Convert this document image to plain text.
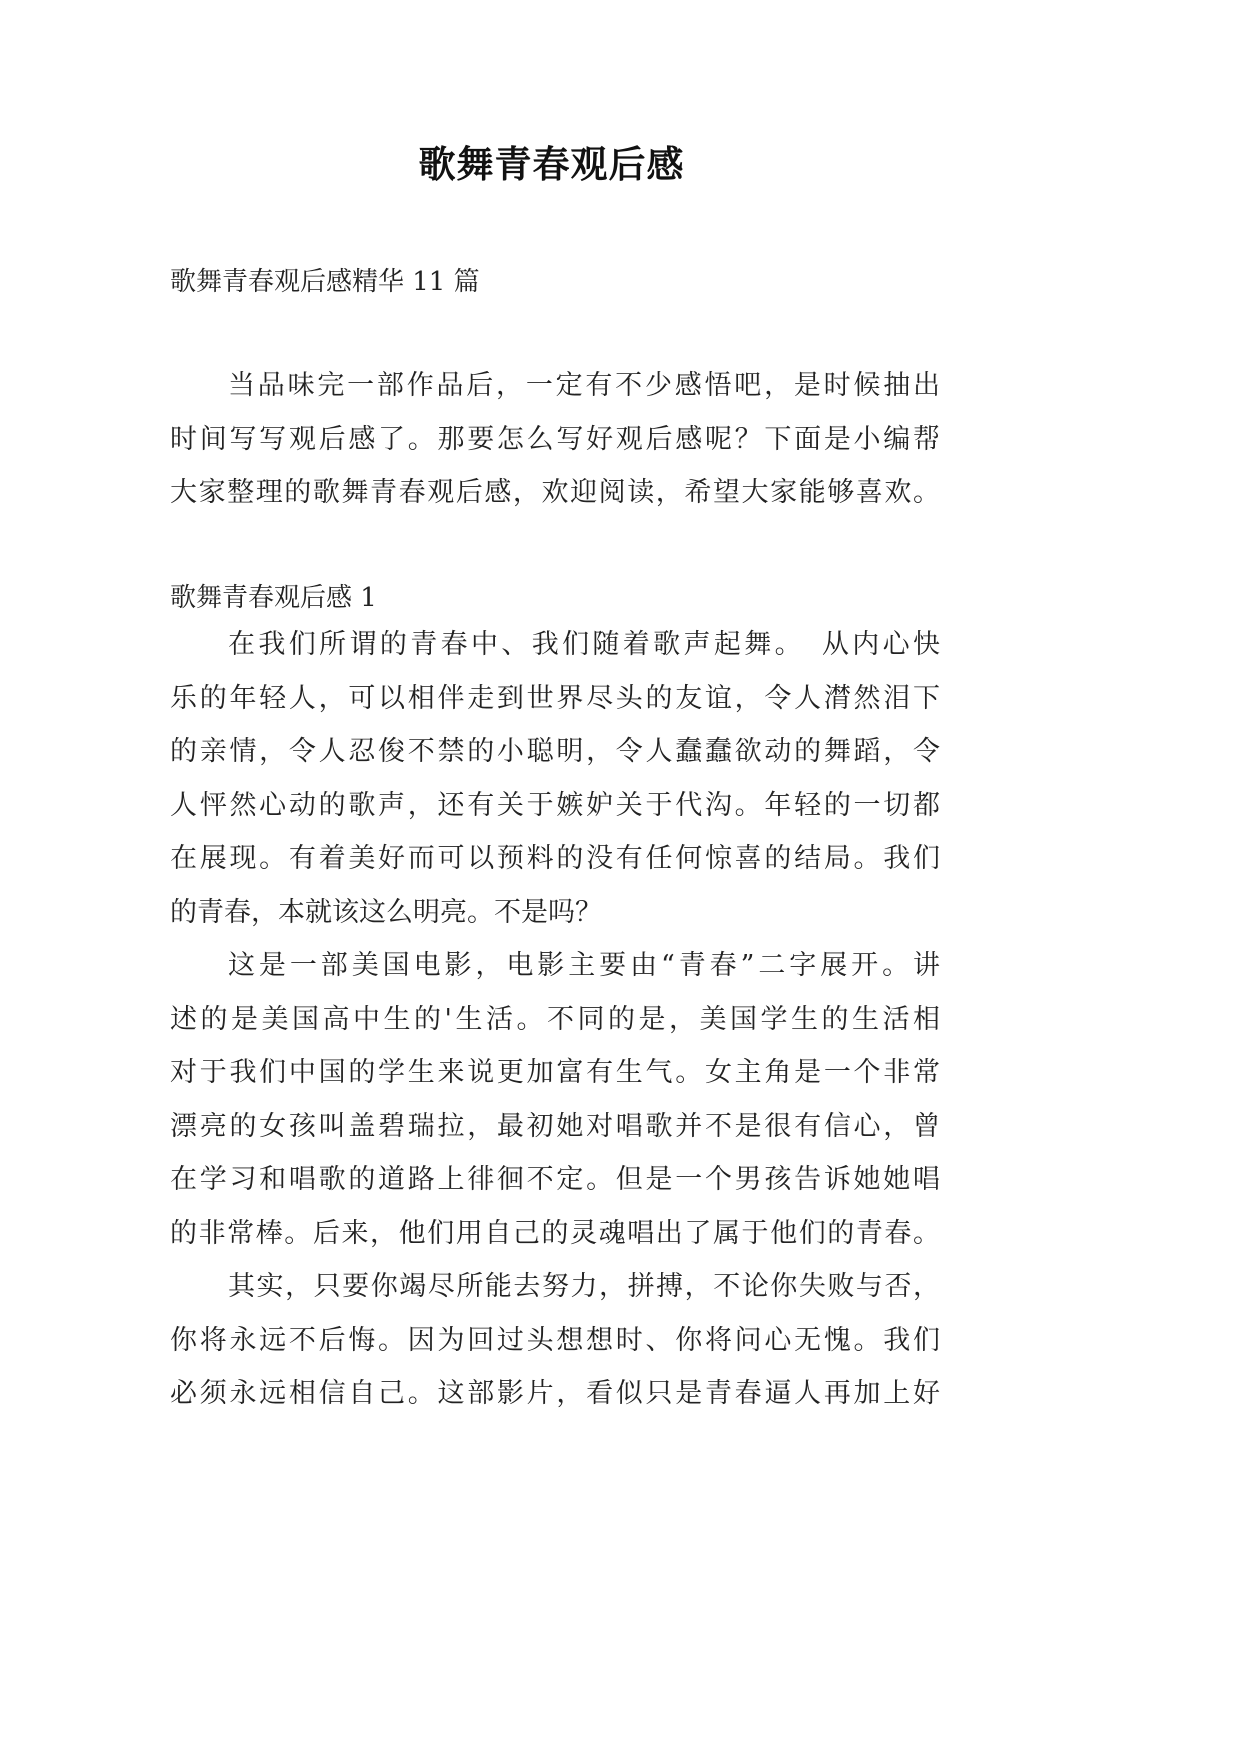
歌舞青春观后感
歌舞青春观后感精华 11 篇
当品味完一部作品后，一定有不少感悟吧，是时候抽出
时间写写观后感了。那要怎么写好观后感呢？下面是小编帮
大家整理的歌舞青春观后感，欢迎阅读，希望大家能够喜欢。
歌舞青春观后感 1
在我们所谓的青春中、我们随着歌声起舞。　从内心快
乐的年轻人，可以相伴走到世界尽头的友谊，令人潸然泪下
的亲情，令人忍俊不禁的小聪明，令人蠢蠢欲动的舞蹈，令
人怦然心动的歌声，还有关于嫉妒关于代沟。年轻的一切都
在展现。有着美好而可以预料的没有任何惊喜的结局。我们
的青春，本就该这么明亮。不是吗？
这是一部美国电影，电影主要由“青春”二字展开。讲
述的是美国高中生的'生活。不同的是，美国学生的生活相
对于我们中国的学生来说更加富有生气。女主角是一个非常
漂亮的女孩叫盖碧瑞拉，最初她对唱歌并不是很有信心，曾
在学习和唱歌的道路上徘徊不定。但是一个男孩告诉她她唱
的非常棒。后来，他们用自己的灵魂唱出了属于他们的青春。
其实，只要你竭尽所能去努力，拼搏，不论你失败与否，
你将永远不后悔。因为回过头想想时、你将问心无愧。我们
必须永远相信自己。这部影片，看似只是青春逼人再加上好
